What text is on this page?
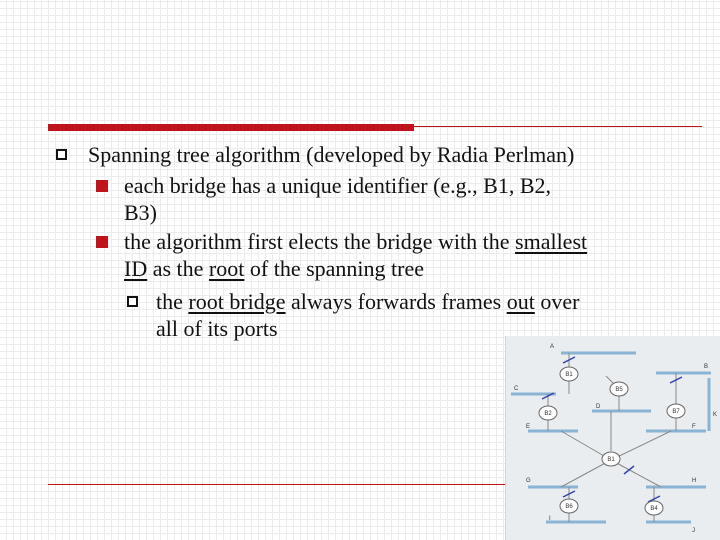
Spanning tree algorithm (developed by Radia Perlman)
each bridge has a unique identifier (e.g., B1, B2,
B3)
the algorithm first elects the bridge with the smallest
ID as the root of the spanning tree
the root bridge always forwards frames out over
all of its ports
B1
B2
B5
B7
B1
B6	B4
A
B
C
D
E	F
G	H
I
J
K
